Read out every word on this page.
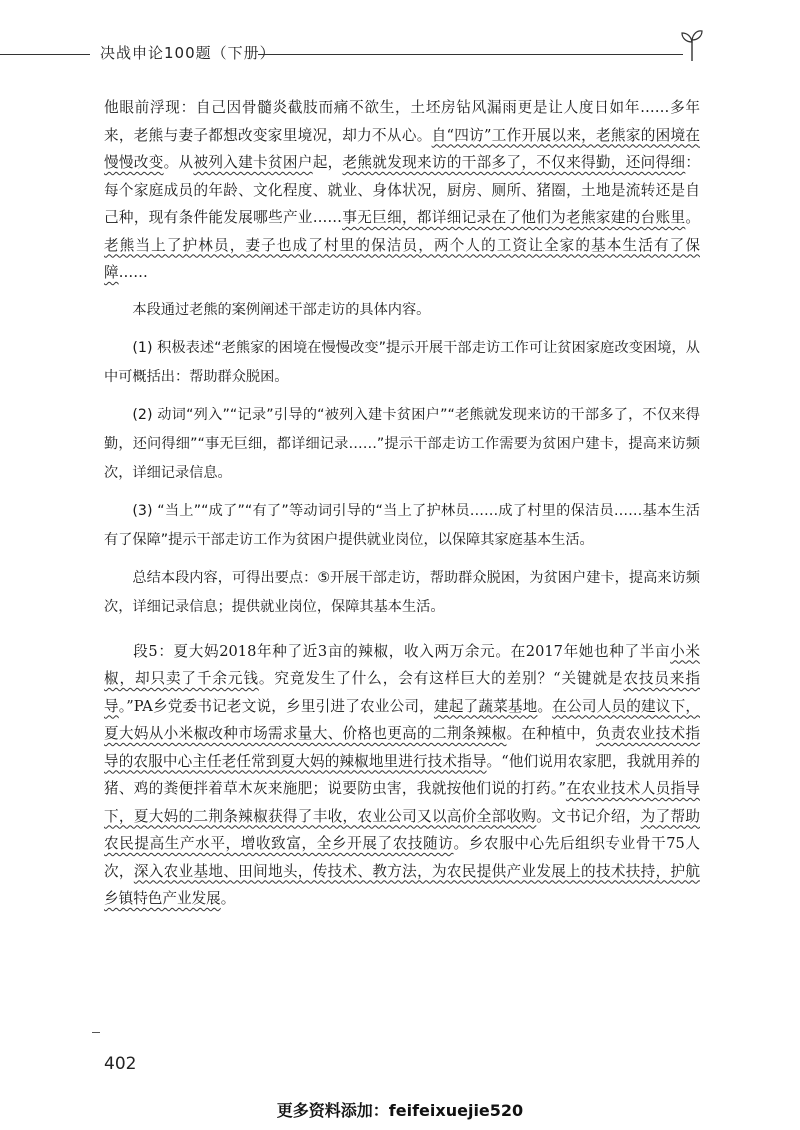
决战申论100题（下册）

他眼前浮现：自己因骨髓炎截肢而痛不欲生，土坯房钻风漏雨更是让人度日如年……多年来，老熊与妻子都想改变家里境况，却力不从心。自“四访”工作开展以来，老熊家的困境在慢慢改变。从被列入建卡贫困户起，老熊就发现来访的干部多了，不仅来得勤，还问得细：每个家庭成员的年龄、文化程度、就业、身体状况，厨房、厕所、猪圈，土地是流转还是自己种，现有条件能发展哪些产业……事无巨细，都详细记录在了他们为老熊家建的台账里。老熊当上了护林员，妻子也成了村里的保洁员，两个人的工资让全家的基本生活有了保障……

本段通过老熊的案例阐述干部走访的具体内容。

(1) 积极表述“老熊家的困境在慢慢改变”提示开展干部走访工作可让贫困家庭改变困境，从中可概括出：帮助群众脱困。

(2) 动词“列入”“记录”引导的“被列入建卡贫困户”“老熊就发现来访的干部多了，不仅来得勤，还问得细”“事无巨细，都详细记录……”提示干部走访工作需要为贫困户建卡，提高来访频次，详细记录信息。

(3) “当上”“成了”“有了”等动词引导的“当上了护林员……成了村里的保洁员……基本生活有了保障”提示干部走访工作为贫困户提供就业岗位，以保障其家庭基本生活。

总结本段内容，可得出要点：⑤开展干部走访，帮助群众脱困，为贫困户建卡，提高来访频次，详细记录信息；提供就业岗位，保障其基本生活。

段5：夏大妈2018年种了近3亩的辣椒，收入两万余元。在2017年她也种了半亩小米椒，却只卖了千余元钱。究竟发生了什么，会有这样巨大的差别？“关键就是农技员来指导。”PA乡党委书记老文说，乡里引进了农业公司，建起了蔬菜基地。在公司人员的建议下，夏大妈从小米椒改种市场需求量大、价格也更高的二荆条辣椒。在种植中，负责农业技术指导的农服中心主任老任常到夏大妈的辣椒地里进行技术指导。“他们说用农家肥，我就用养的猪、鸡的粪便拌着草木灰来施肥；说要防虫害，我就按他们说的打药。”在农业技术人员指导下，夏大妈的二荆条辣椒获得了丰收，农业公司又以高价全部收购。文书记介绍，为了帮助农民提高生产水平，增收致富，全乡开展了农技随访。乡农服中心先后组织专业骨干75人次，深入农业基地、田间地头，传技术、教方法，为农民提供产业发展上的技术扶持，护航乡镇特色产业发展。

402
更多资料添加：feifeixuejie520
